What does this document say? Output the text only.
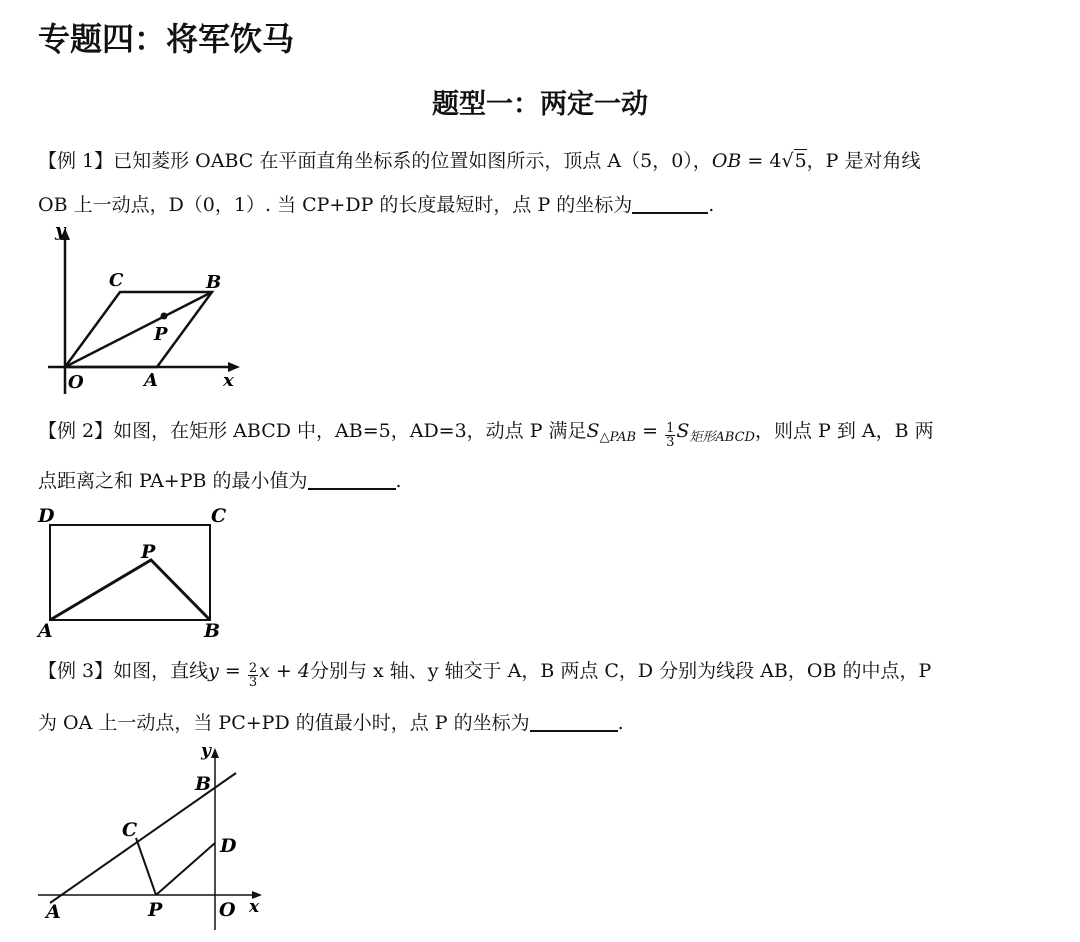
专题四：将军饮马
题型一：两定一动
【例 1】已知菱形 OABC 在平面直角坐标系的位置如图所示，顶点 A（5，0），OB = 4√5，P 是对角线
OB 上一动点，D（0，1）. 当 CP+DP 的长度最短时，点 P 的坐标为	.
y
x
O	A
B
C
P
【例 2】如图，在矩形 ABCD 中，AB=5，AD=3，动点 P 满足$S_{\triangle PAB} = \frac{1}{3} S_{矩形ABCD}$，则点 P 到 A，B 两
点距离之和 PA+PB 的最小值为	.
D	C
P
A	B
【例 3】如图，直线$y = \frac{2}{3}$ x + 4分别与 x 轴、y 轴交于 A，B 两点 C，D 分别为线段 AB，OB 的中点，P
为 OA 上一动点，当 PC+PD 的值最小时，点 P 的坐标为	.
y
x
B
C
D
A	P	O
